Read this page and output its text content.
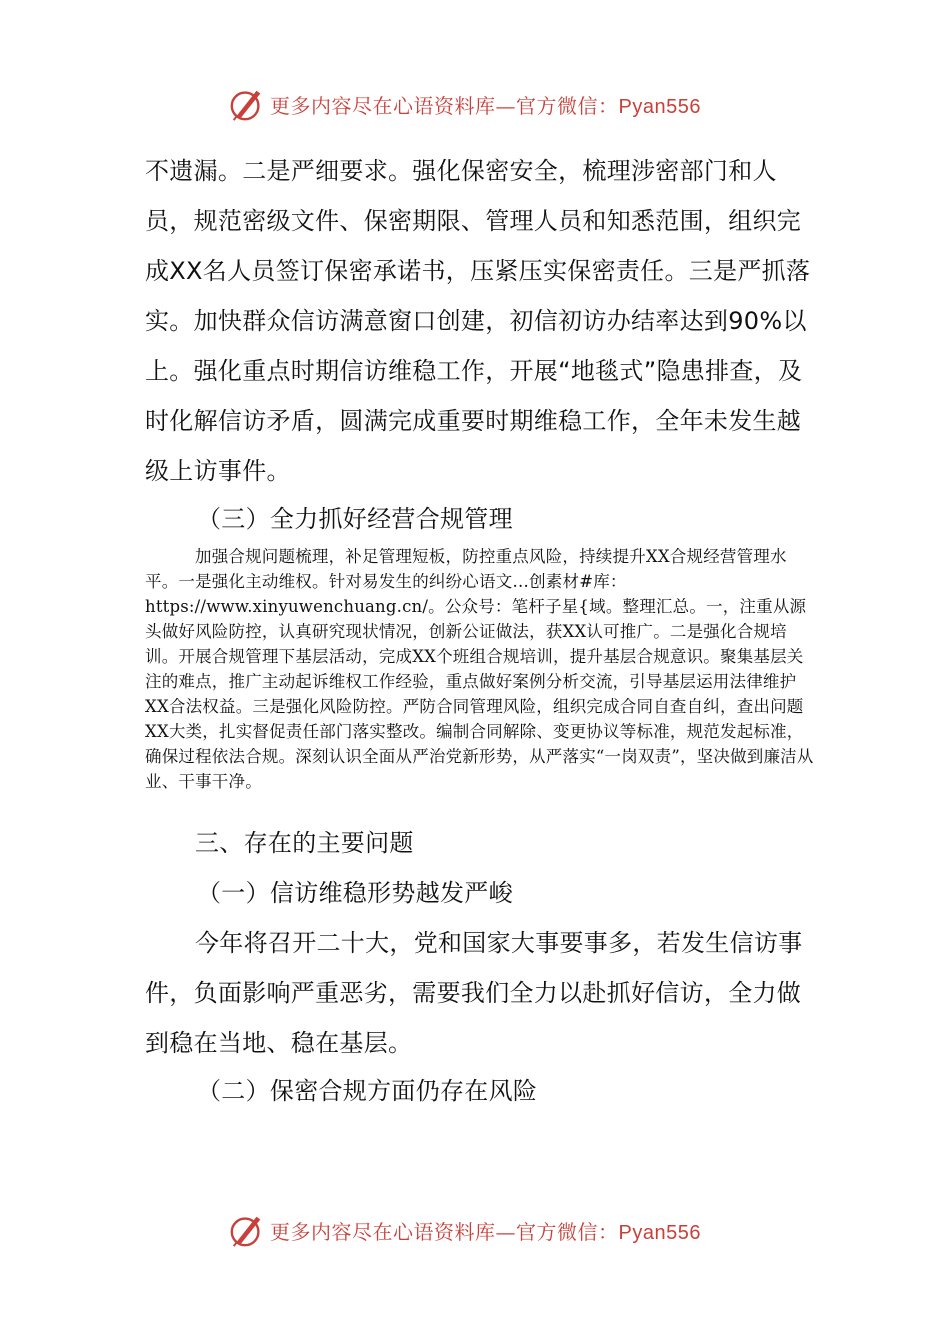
更多内容尽在心语资料库—官方微信：Pyan556

不遗漏。二是严细要求。强化保密安全，梳理涉密部门和人员，规范密级文件、保密期限、管理人员和知悉范围，组织完成XX名人员签订保密承诺书，压紧压实保密责任。三是严抓落实。加快群众信访满意窗口创建，初信初访办结率达到90%以上。强化重点时期信访维稳工作，开展“地毯式”隐患排查，及时化解信访矛盾，圆满完成重要时期维稳工作，全年未发生越级上访事件。

（三）全力抓好经营合规管理

加强合规问题梳理，补足管理短板，防控重点风险，持续提升XX合规经营管理水平。一是强化主动维权。针对易发生的纠纷心语文…创素材#库：https://www.xinyuwenchuang.cn/。公众号：笔杆子星{域。整理汇总。一，注重从源头做好风险防控，认真研究现状情况，创新公证做法，获XX认可推广。二是强化合规培训。开展合规管理下基层活动，完成XX个班组合规培训，提升基层合规意识。聚集基层关注的难点，推广主动起诉维权工作经验，重点做好案例分析交流，引导基层运用法律维护XX合法权益。三是强化风险防控。严防合同管理风险，组织完成合同自查自纠，查出问题XX大类，扎实督促责任部门落实整改。编制合同解除、变更协议等标准，规范发起标准，确保过程依法合规。深刻认识全面从严治党新形势，从严落实“一岗双责”，坚决做到廉洁从业、干事干净。

三、存在的主要问题

（一）信访维稳形势越发严峻

今年将召开二十大，党和国家大事要事多，若发生信访事件，负面影响严重恶劣，需要我们全力以赴抓好信访，全力做到稳在当地、稳在基层。

（二）保密合规方面仍存在风险

更多内容尽在心语资料库—官方微信：Pyan556
